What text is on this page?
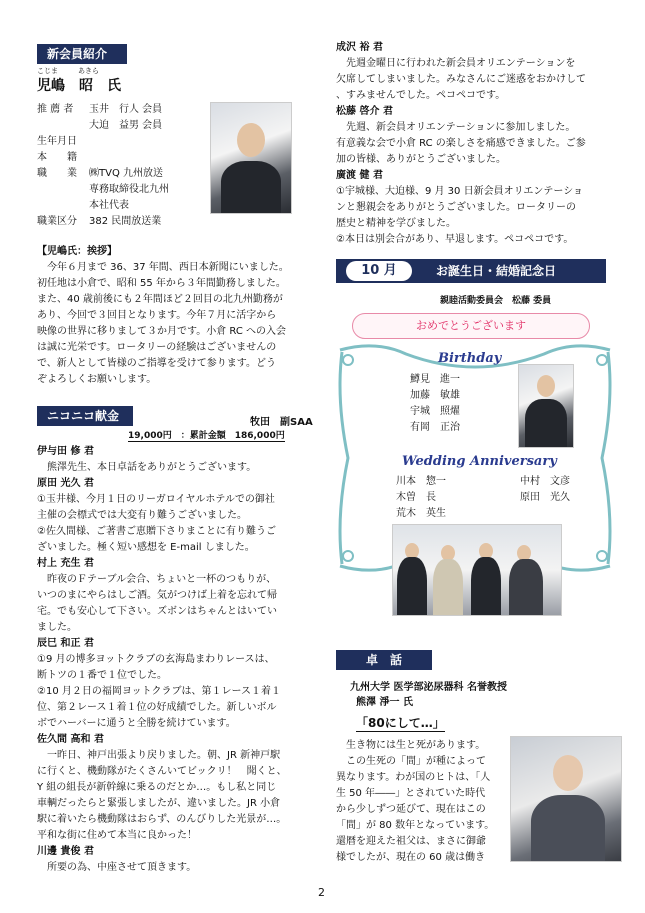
新会員紹介
こじま	あきら
児嶋　昭　氏
推 薦 者	玉井　行人 会員
大迫　益男 会員
生年月日
本　　籍
職　　業	㈱TVQ 九州放送
専務取締役北九州
本社代表
職業区分	382 民間放送業

【児嶋氏：挨拶】

今年６月まで 36、37 年間、西日本新聞にいました。

初任地は小倉で、昭和 55 年から３年間勤務しました。

また、40 歳前後にも２年間ほど２回目の北九州勤務が

あり、今回で３回目となります。今年７月に活字から

映像の世界に移りまして３か月です。小倉 RC への入会

は誠に光栄です。ロータリーの経験はございませんの

で、新人として皆様のご指導を受けて参ります。どう

ぞよろしくお願いします。

ニコニコ献金	牧田　副SAA
19,000円　：累計金額　186,000円

伊与田 修 君

熊澤先生、本日卓話をありがとうございます。

原田 光久 君

①玉井様、今月１日のリーガロイヤルホテルでの御社

主催の会標式では大変有り難うございました。

②佐久間様、ご著書ご恵贈下さりまことに有り難うご

ざいました。極く短い感想を E-mail しました。

村上 充生 君

昨夜のＦテーブル会合、ちょいと一杯のつもりが、

いつのまにやらはしご酒。気がつけば上着を忘れて帰

宅。でも安心して下さい。ズボンはちゃんとはいてい

ました。

辰巳 和正 君

①9 月の博多ヨットクラブの玄海島まわりレースは、

断トツの１番で１位でした。

②10 月２日の福岡ヨットクラブは、第１レース１着１

位、第２レース１着１位の好成績でした。新しいボル

ボでハーバーに通うと全勝を続けています。

佐久間 高和 君

一昨日、神戸出張より戻りました。朝、JR 新神戸駅

に行くと、機動隊がたくさんいてビックリ！　聞くと、

Y 組の組長が新幹線に乗るのだとか…。もし私と同じ

車輌だったらと緊張しましたが、違いました。JR 小倉

駅に着いたら機動隊はおらず、のんびりした光景が…。

平和な街に住めて本当に良かった！

川邊 貴俊 君

所要の為、中座させて頂きます。

成沢 裕 君

先週金曜日に行われた新会員オリエンテーションを

欠席してしまいました。みなさんにご迷惑をおかけして

、すみませんでした。ペコペコです。

松藤 啓介 君

先週、新会員オリエンテーションに参加しました。

有意義な会で小倉 RC の楽しさを痛感できました。ご参

加の皆様、ありがとうございました。

廣渡 健 君

①宇城様、大迫様、9 月 30 日新会員オリエンテーショ

ンと懇親会をありがとうございました。ロータリーの

歴史と精神を学びました。

②本日は別会合があり、早退します。ペコペコです。

10 月	お誕生日・結婚記念日
親睦活動委員会　松藤 委員
おめでとうございます
Birthday

鱒見　進一

加藤　敏雄

宇城　照燿

有岡　正治

Wedding Anniversary
川本　惣一	中村　文彦
木曽　長	原田　光久
荒木　英生
卓　話
九州大学 医学部泌尿器科 名誉教授
熊澤 淨一 氏
「80にして…」

生き物には生と死があります。

この生死の「間」が種によって

異なります。わが国のヒトは、「人

生 50 年――」とされていた時代

から少しずつ延びて、現在はこの

「間」が 80 数年となっています。

還暦を迎えた祖父は、まさに御爺

様でしたが、現在の 60 歳は働き

2
